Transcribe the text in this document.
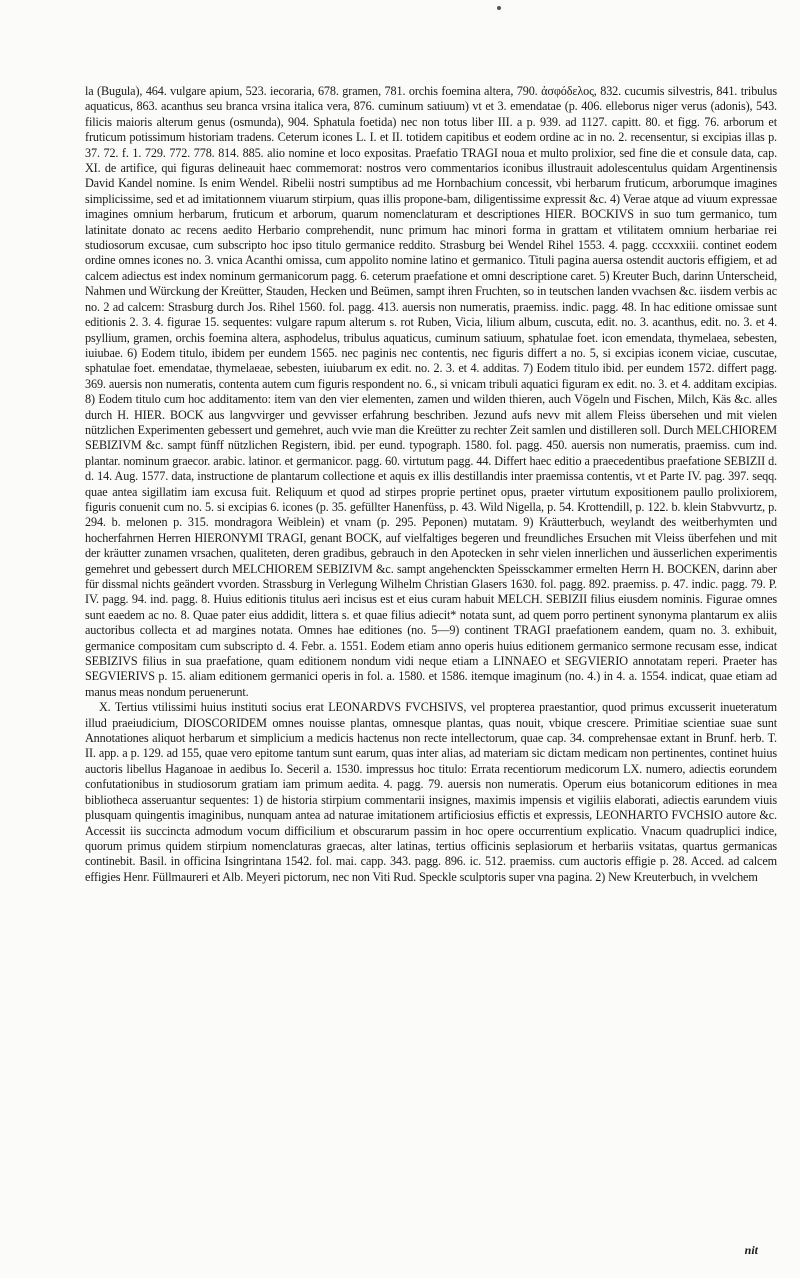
la (Bugula), 464. vulgare apium, 523. iecoraria, 678. gramen, 781. orchis foemina altera, 790. ἀσφόδελος, 832. cucumis silvestris, 841. tribulus aquaticus, 863. acanthus seu branca vrsina italica vera, 876. cuminum satiuum) vt et 3. emendatae (p. 406. elleborus niger verus (adonis), 543. filicis maioris alterum genus (osmunda), 904. Sphatula foetida) nec non totus liber III. a p. 939. ad 1127. capitt. 80. et figg. 76. arborum et fruticum potissimum historiam tradens. Ceterum icones L. I. et II. totidem capitibus et eodem ordine ac in no. 2. recensentur, si excipias illas p. 37. 72. f. 1. 729. 772. 778. 814. 885. alio nomine et loco expositas. Praefatio TRAGI noua et multo prolixior, sed fine die et consule data, cap. XI. de artifice, qui figuras delineauit haec commemorat: nostros vero commentarios iconibus illustrauit adolescentulus quidam Argentinensis David Kandel nomine. Is enim Wendel. Ribelii nostri sumptibus ad me Hornbachium concessit, vbi herbarum fruticum, arborumque imagines simplicissime, sed et ad imitationnem viuarum stirpium, quas illis propone-bam, diligentissime expressit &c. 4) Verae atque ad viuum expressae imagines omnium herbarum, fruticum et arborum, quarum nomenclaturam et descriptiones HIER. BOCKIVS in suo tum germanico, tum latinitate donato ac recens aedito Herbario comprehendit, nunc primum hac minori forma in grattam et vtilitatem omnium herbariae rei studiosorum excusae, cum subscripto hoc ipso titulo germanice reddito. Strasburg bei Wendel Rihel 1553. 4. pagg. cccxxxiii. continet eodem ordine omnes icones no. 3. vnica Acanthi omissa, cum appolito nomine latino et germanico. Tituli pagina auersa ostendit auctoris effigiem, et ad calcem adiectus est index nominum germanicorum pagg. 6. ceterum praefatione et omni descriptione caret. 5) Kreuter Buch, darinn Unterscheid, Nahmen und Würckung der Kreütter, Stauden, Hecken und Beümen, sampt ihren Fruchten, so in teutschen landen vvachsen &c. iisdem verbis ac no. 2 ad calcem: Strasburg durch Jos. Rihel 1560. fol. pagg. 413. auersis non numeratis, praemiss. indic. pagg. 48. In hac editione omissae sunt editionis 2. 3. 4. figurae 15. sequentes: vulgare rapum alterum s. rot Ruben, Vicia, lilium album, cuscuta, edit. no. 3. acanthus, edit. no. 3. et 4. psyllium, gramen, orchis foemina altera, asphodelus, tribulus aquaticus, cuminum satiuum, sphatulae foet. icon emendata, thymelaea, sebesten, iuiubae. 6) Eodem titulo, ibidem per eundem 1565. nec paginis nec contentis, nec figuris differt a no. 5, si excipias iconem viciae, cuscutae, sphatulae foet. emendatae, thymelaeae, sebesten, iuiubarum ex edit. no. 2. 3. et 4. additas. 7) Eodem titulo ibid. per eundem 1572. differt pagg. 369. auersis non numeratis, contenta autem cum figuris respondent no. 6., si vnicam tribuli aquatici figuram ex edit. no. 3. et 4. additam excipias. 8) Eodem titulo cum hoc additamento: item van den vier elementen, zamen und wilden thieren, auch Vögeln und Fischen, Milch, Käs &c. alles durch H. HIER. BOCK aus langvvirger und gevvisser erfahrung beschriben. Jezund aufs nevv mit allem Fleiss übersehen und mit vielen nützlichen Experimenten gebessert und gemehret, auch vvie man die Kreütter zu rechter Zeit samlen und distilleren soll. Durch MELCHIOREM SEBIZIVM &c. sampt fünff nützlichen Registern, ibid. per eund. typograph. 1580. fol. pagg. 450. auersis non numeratis, praemiss. cum ind. plantar. nominum graecor. arabic. latinor. et germanicor. pagg. 60. virtutum pagg. 44. Differt haec editio a praecedentibus praefatione SEBIZII d. d. 14. Aug. 1577. data, instructione de plantarum collectione et aquis ex illis destillandis inter praemissa contentis, vt et Parte IV. pag. 397. seqq. quae antea sigillatim iam excusa fuit. Reliquum et quod ad stirpes proprie pertinet opus, praeter virtutum expositionem paullo prolixiorem, figuris conuenit cum no. 5. si excipias 6. icones (p. 35. gefüllter Hanenfüss, p. 43. Wild Nigella, p. 54. Krottendill, p. 122. b. klein Stabvvurtz, p. 294. b. melonen p. 315. mondragora Weiblein) et vnam (p. 295. Peponen) mutatam. 9) Kräutterbuch, weylandt des weitberhymten und hocherfahrnen Herren HIERONYMI TRAGI, genant BOCK, auf vielfaltiges begeren und freundliches Ersuchen mit Vleiss überfehen und mit der kräutter zunamen vrsachen, qualiteten, deren gradibus, gebrauch in den Apotecken in sehr vielen innerlichen und äusserlichen experimentis gemehret und gebessert durch MELCHIOREM SEBIZIVM &c. sampt angehenckten Speissckammer ermelten Herrn H. BOCKEN, darinn aber für dissmal nichts geändert vvorden. Strassburg in Verlegung Wilhelm Christian Glasers 1630. fol. pagg. 892. praemiss. p. 47. indic. pagg. 79. P. IV. pagg. 94. ind. pagg. 8. Huius editionis titulus aeri incisus est et eius curam habuit MELCH. SEBIZII filius eiusdem nominis. Figurae omnes sunt eaedem ac no. 8. Quae pater eius addidit, littera s. et quae filius adiecit* notata sunt, ad quem porro pertinent synonyma plantarum ex aliis auctoribus collecta et ad margines notata. Omnes hae editiones (no. 5—9) continent TRAGI praefationem eandem, quam no. 3. exhibuit, germanice compositam cum subscripto d. 4. Febr. a. 1551. Eodem etiam anno operis huius editionem germanico sermone recusam esse, indicat SEBIZIVS filius in sua praefatione, quam editionem nondum vidi neque etiam a LINNAEO et SEGVIERIO annotatam reperi. Praeter has SEGVIERIVS p. 15. aliam editionem germanici operis in fol. a. 1580. et 1586. itemque imaginum (no. 4.) in 4. a. 1554. indicat, quae etiam ad manus meas nondum peruenerunt.

X. Tertius vtilissimi huius instituti socius erat LEONARDVS FVCHSIVS, vel propterea praestantior, quod primus excusserit inueteratum illud praeiudicium, DIOSCORIDEM omnes nouisse plantas, omnesque plantas, quas nouit, vbique crescere. Primitiae scientiae suae sunt Annotationes aliquot herbarum et simplicium a medicis hactenus non recte intellectorum, quae cap. 34. comprehensae extant in Brunf. herb. T. II. app. a p. 129. ad 155, quae vero epitome tantum sunt earum, quas inter alias, ad materiam sic dictam medicam non pertinentes, continet huius auctoris libellus Haganoae in aedibus Io. Seceril a. 1530. impressus hoc titulo: Errata recentiorum medicorum LX. numero, adiectis eorundem confutationibus in studiosorum gratiam iam primum aedita. 4. pagg. 79. auersis non numeratis. Operum eius botanicorum editiones in mea bibliotheca asseruantur sequentes: 1) de historia stirpium commentarii insignes, maximis impensis et vigiliis elaborati, adiectis earundem viuis plusquam quingentis imaginibus, nunquam antea ad naturae imitationem artificiosius effictis et expressis, LEONHARTO FVCHSIO autore &c. Accessit iis succincta admodum vocum difficilium et obscurarum passim in hoc opere occurrentium explicatio. Vnacum quadruplici indice, quorum primus quidem stirpium nomenclaturas graecas, alter latinas, tertius officinis seplasiorum et herbariis vsitatas, quartus germanicas continebit. Basil. in officina Isingrintana 1542. fol. mai. capp. 343. pagg. 896. ic. 512. praemiss. cum auctoris effigie p. 28. Acced. ad calcem effigies Henr. Füllmaureri et Alb. Meyeri pictorum, nec non Viti Rud. Speckle sculptoris super vna pagina. 2) New Kreuterbuch, in vvelchem

nit
